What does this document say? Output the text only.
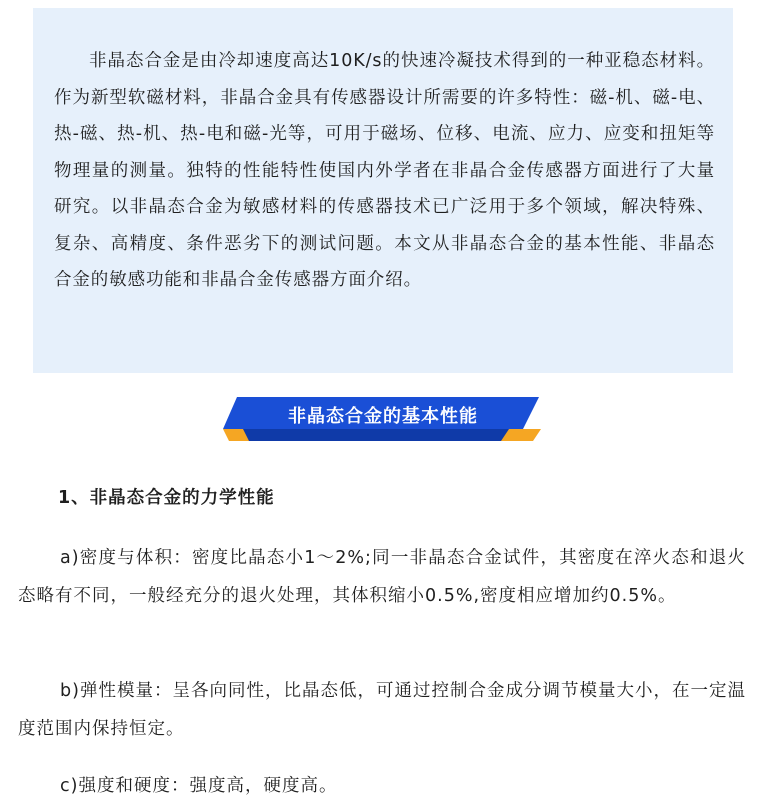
非晶态合金是由冷却速度高达10K/s的快速冷凝技术得到的一种亚稳态材料。作为新型软磁材料，非晶合金具有传感器设计所需要的许多特性：磁-机、磁-电、热-磁、热-机、热-电和磁-光等，可用于磁场、位移、电流、应力、应变和扭矩等物理量的测量。独特的性能特性使国内外学者在非晶合金传感器方面进行了大量研究。以非晶态合金为敏感材料的传感器技术已广泛用于多个领域，解决特殊、复杂、高精度、条件恶劣下的测试问题。本文从非晶态合金的基本性能、非晶态合金的敏感功能和非晶合金传感器方面介绍。

非晶态合金的基本性能
1、非晶态合金的力学性能

a)密度与体积：密度比晶态小1～2%;同一非晶态合金试件，其密度在淬火态和退火态略有不同，一般经充分的退火处理，其体积缩小0.5%,密度相应增加约0.5%。

b)弹性模量：呈各向同性，比晶态低，可通过控制合金成分调节模量大小，在一定温度范围内保持恒定。

c)强度和硬度：强度高，硬度高。
